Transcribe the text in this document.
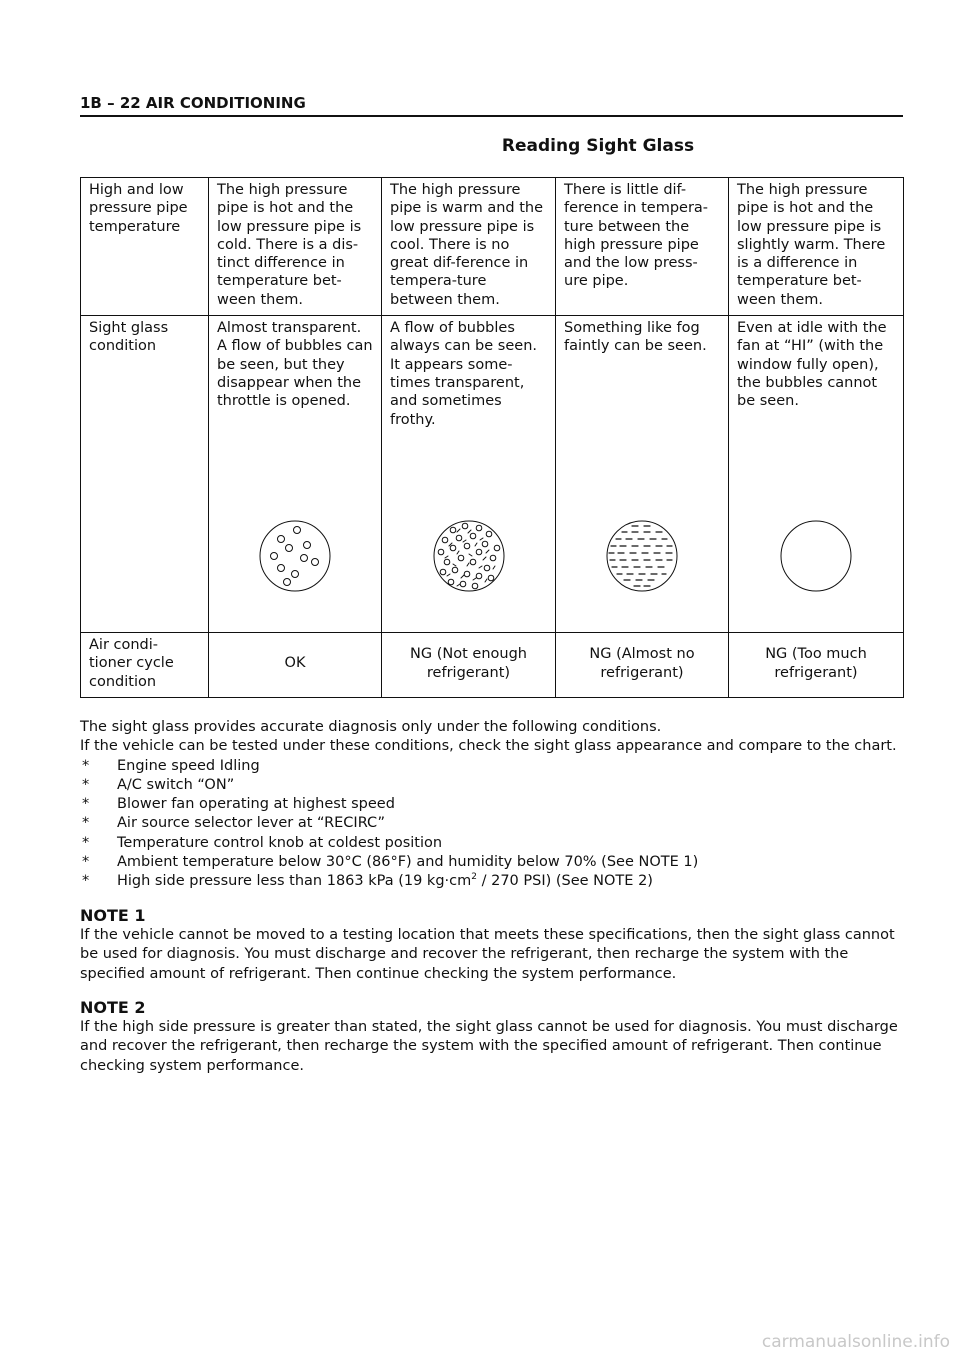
1B – 22 AIR CONDITIONING
Reading Sight Glass
High and low pressure pipe temperature	The high pressure pipe is hot and the low pressure pipe is cold. There is a dis-tinct difference in temperature bet-ween them.	The high pressure pipe is warm and the low pressure pipe is cool. There is no great dif-ference in tempera-ture between them.	There is little dif-ference in tempera-ture between the high pressure pipe and the low press-ure pipe.	The high pressure pipe is hot and the low pressure pipe is slightly warm. There is a difference in temperature bet-ween them.
Sight glass condition	Almost transparent. A flow of bubbles can be seen, but they disappear when the throttle is opened.	A flow of bubbles always can be seen. It appears some-times transparent, and sometimes frothy.	Something like fog faintly can be seen.	Even at idle with the fan at “HI” (with the window fully open), the bubbles cannot be seen.

Air condi-tioner cycle condition	OK	NG (Not enough refrigerant)	NG (Almost no refrigerant)	NG (Too much refrigerant)

The sight glass provides accurate diagnosis only under the following conditions.

If the vehicle can be tested under these conditions, check the sight glass appearance and compare to the chart.

* Engine speed Idling
* A/C switch “ON”
* Blower fan operating at highest speed
* Air source selector lever at “RECIRC”
* Temperature control knob at coldest position
* Ambient temperature below 30°C (86°F) and humidity below 70% (See NOTE 1)
* High side pressure less than 1863 kPa (19 $kg\cdot cm^2 / 270$ PSI) (See NOTE 2)
NOTE 1

If the vehicle cannot be moved to a testing location that meets these specifications, then the sight glass cannot be used for diagnosis. You must discharge and recover the refrigerant, then recharge the system with the specified amount of refrigerant. Then continue checking the system performance.

NOTE 2

If the high side pressure is greater than stated, the sight glass cannot be used for diagnosis. You must discharge and recover the refrigerant, then recharge the system with the specified amount of refrigerant. Then continue checking system performance.

carmanualsonline.info
